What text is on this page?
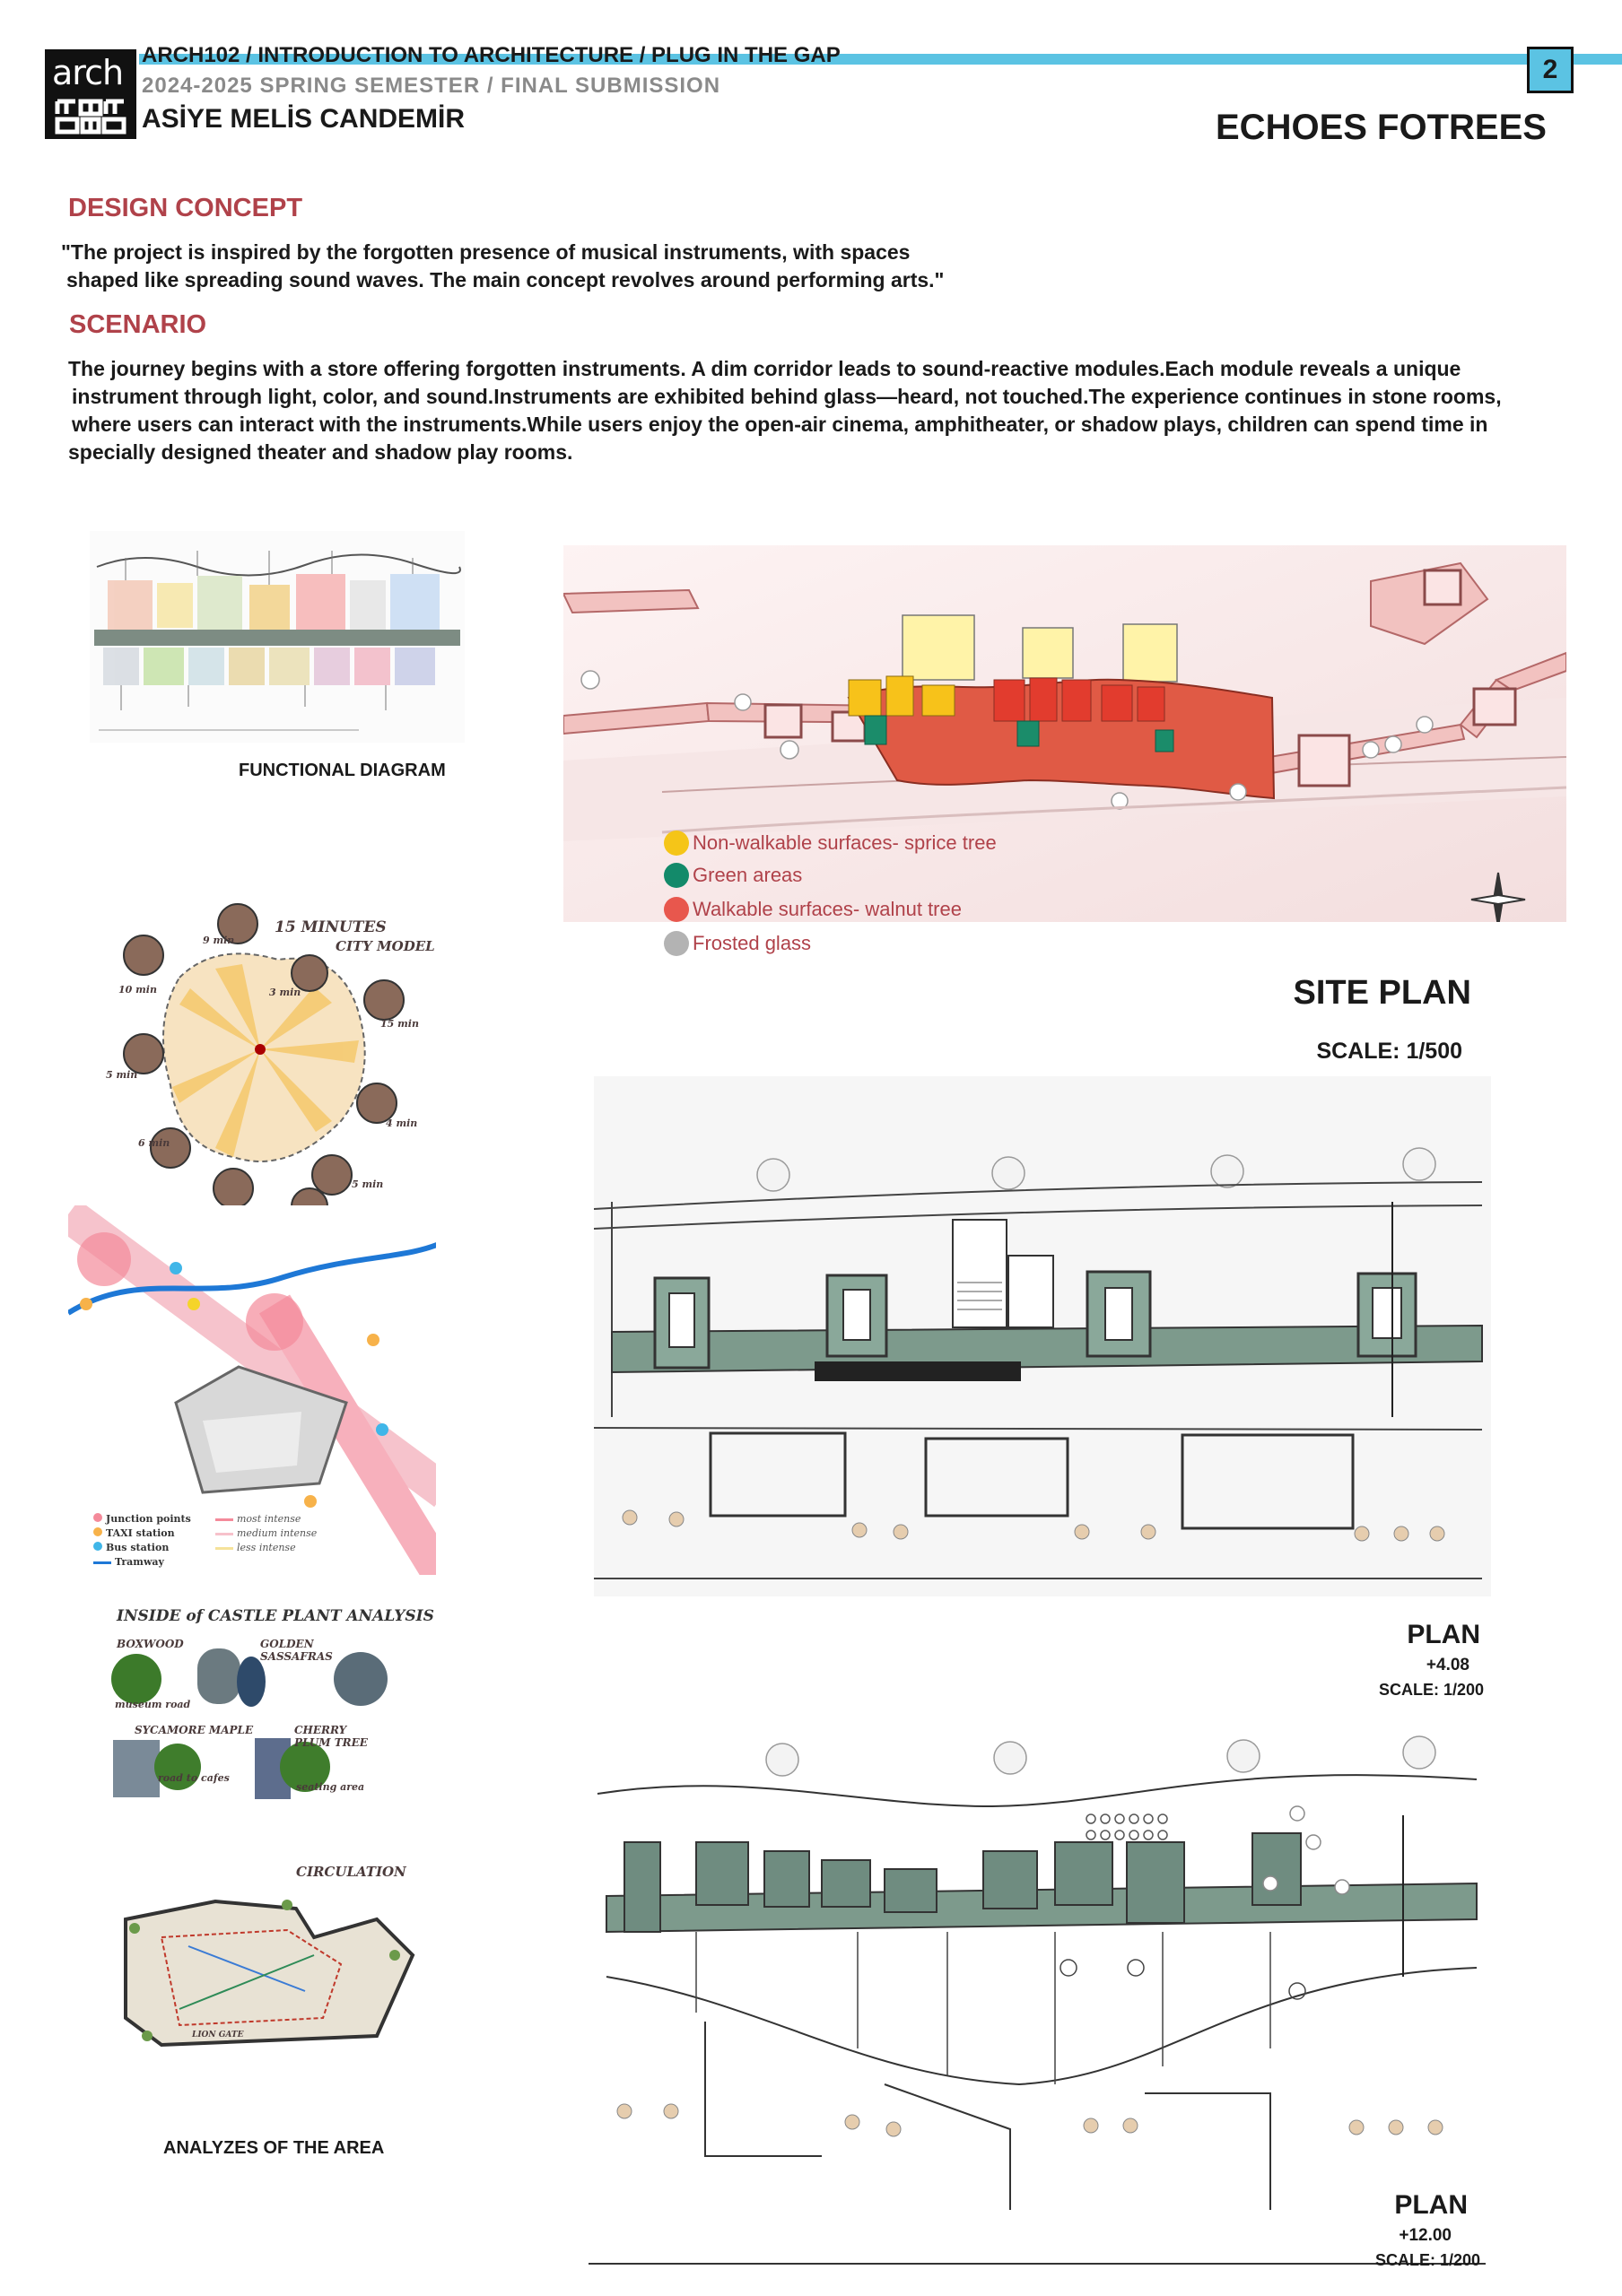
arch ARCH102 / INTRODUCTION TO ARCHITECTURE / PLUG IN THE GAP
2024-2025 SPRING SEMESTER / FINAL SUBMISSION
ASİYE MELİS CANDEMİR
2
ECHOES FOTREES
DESIGN CONCEPT
"The project is inspired by the forgotten presence of musical instruments, with spaces
shaped like spreading sound waves. The main concept revolves around performing arts."
SCENARIO
The journey begins with a store offering forgotten instruments. A dim corridor leads to sound-reactive modules.Each module reveals a unique
instrument through light, color, and sound.Instruments are exhibited behind glass—heard, not touched.The experience continues in stone rooms,
where users can interact with the instruments.While users enjoy the open-air cinema, amphitheater, or shadow plays, children can spend time in
specially designed theater and shadow play rooms.
FUNCTIONAL DIAGRAM
Non-walkable surfaces- sprice tree
Green areas
Walkable surfaces- walnut tree
Frosted glass
SITE PLAN
SCALE: 1/500
15 MINUTES
CITY MODEL
9 min
3 min
15 min
10 min
5 min
6 min
4 min
5 min
Junction points
TAXI station
Bus station
Tramway
most intense
medium intense
less intense
INSIDE of CASTLE PLANT ANALYSIS
BOXWOOD	GOLDEN SASSAFRAS
SYCAMORE MAPLE	CHERRY PLUM TREE
museum road
road to cafes
seating area
CIRCULATION
LION GATE
ANALYZES OF THE AREA
PLAN
+4.08
SCALE: 1/200
PLAN
+12.00
SCALE: 1/200
